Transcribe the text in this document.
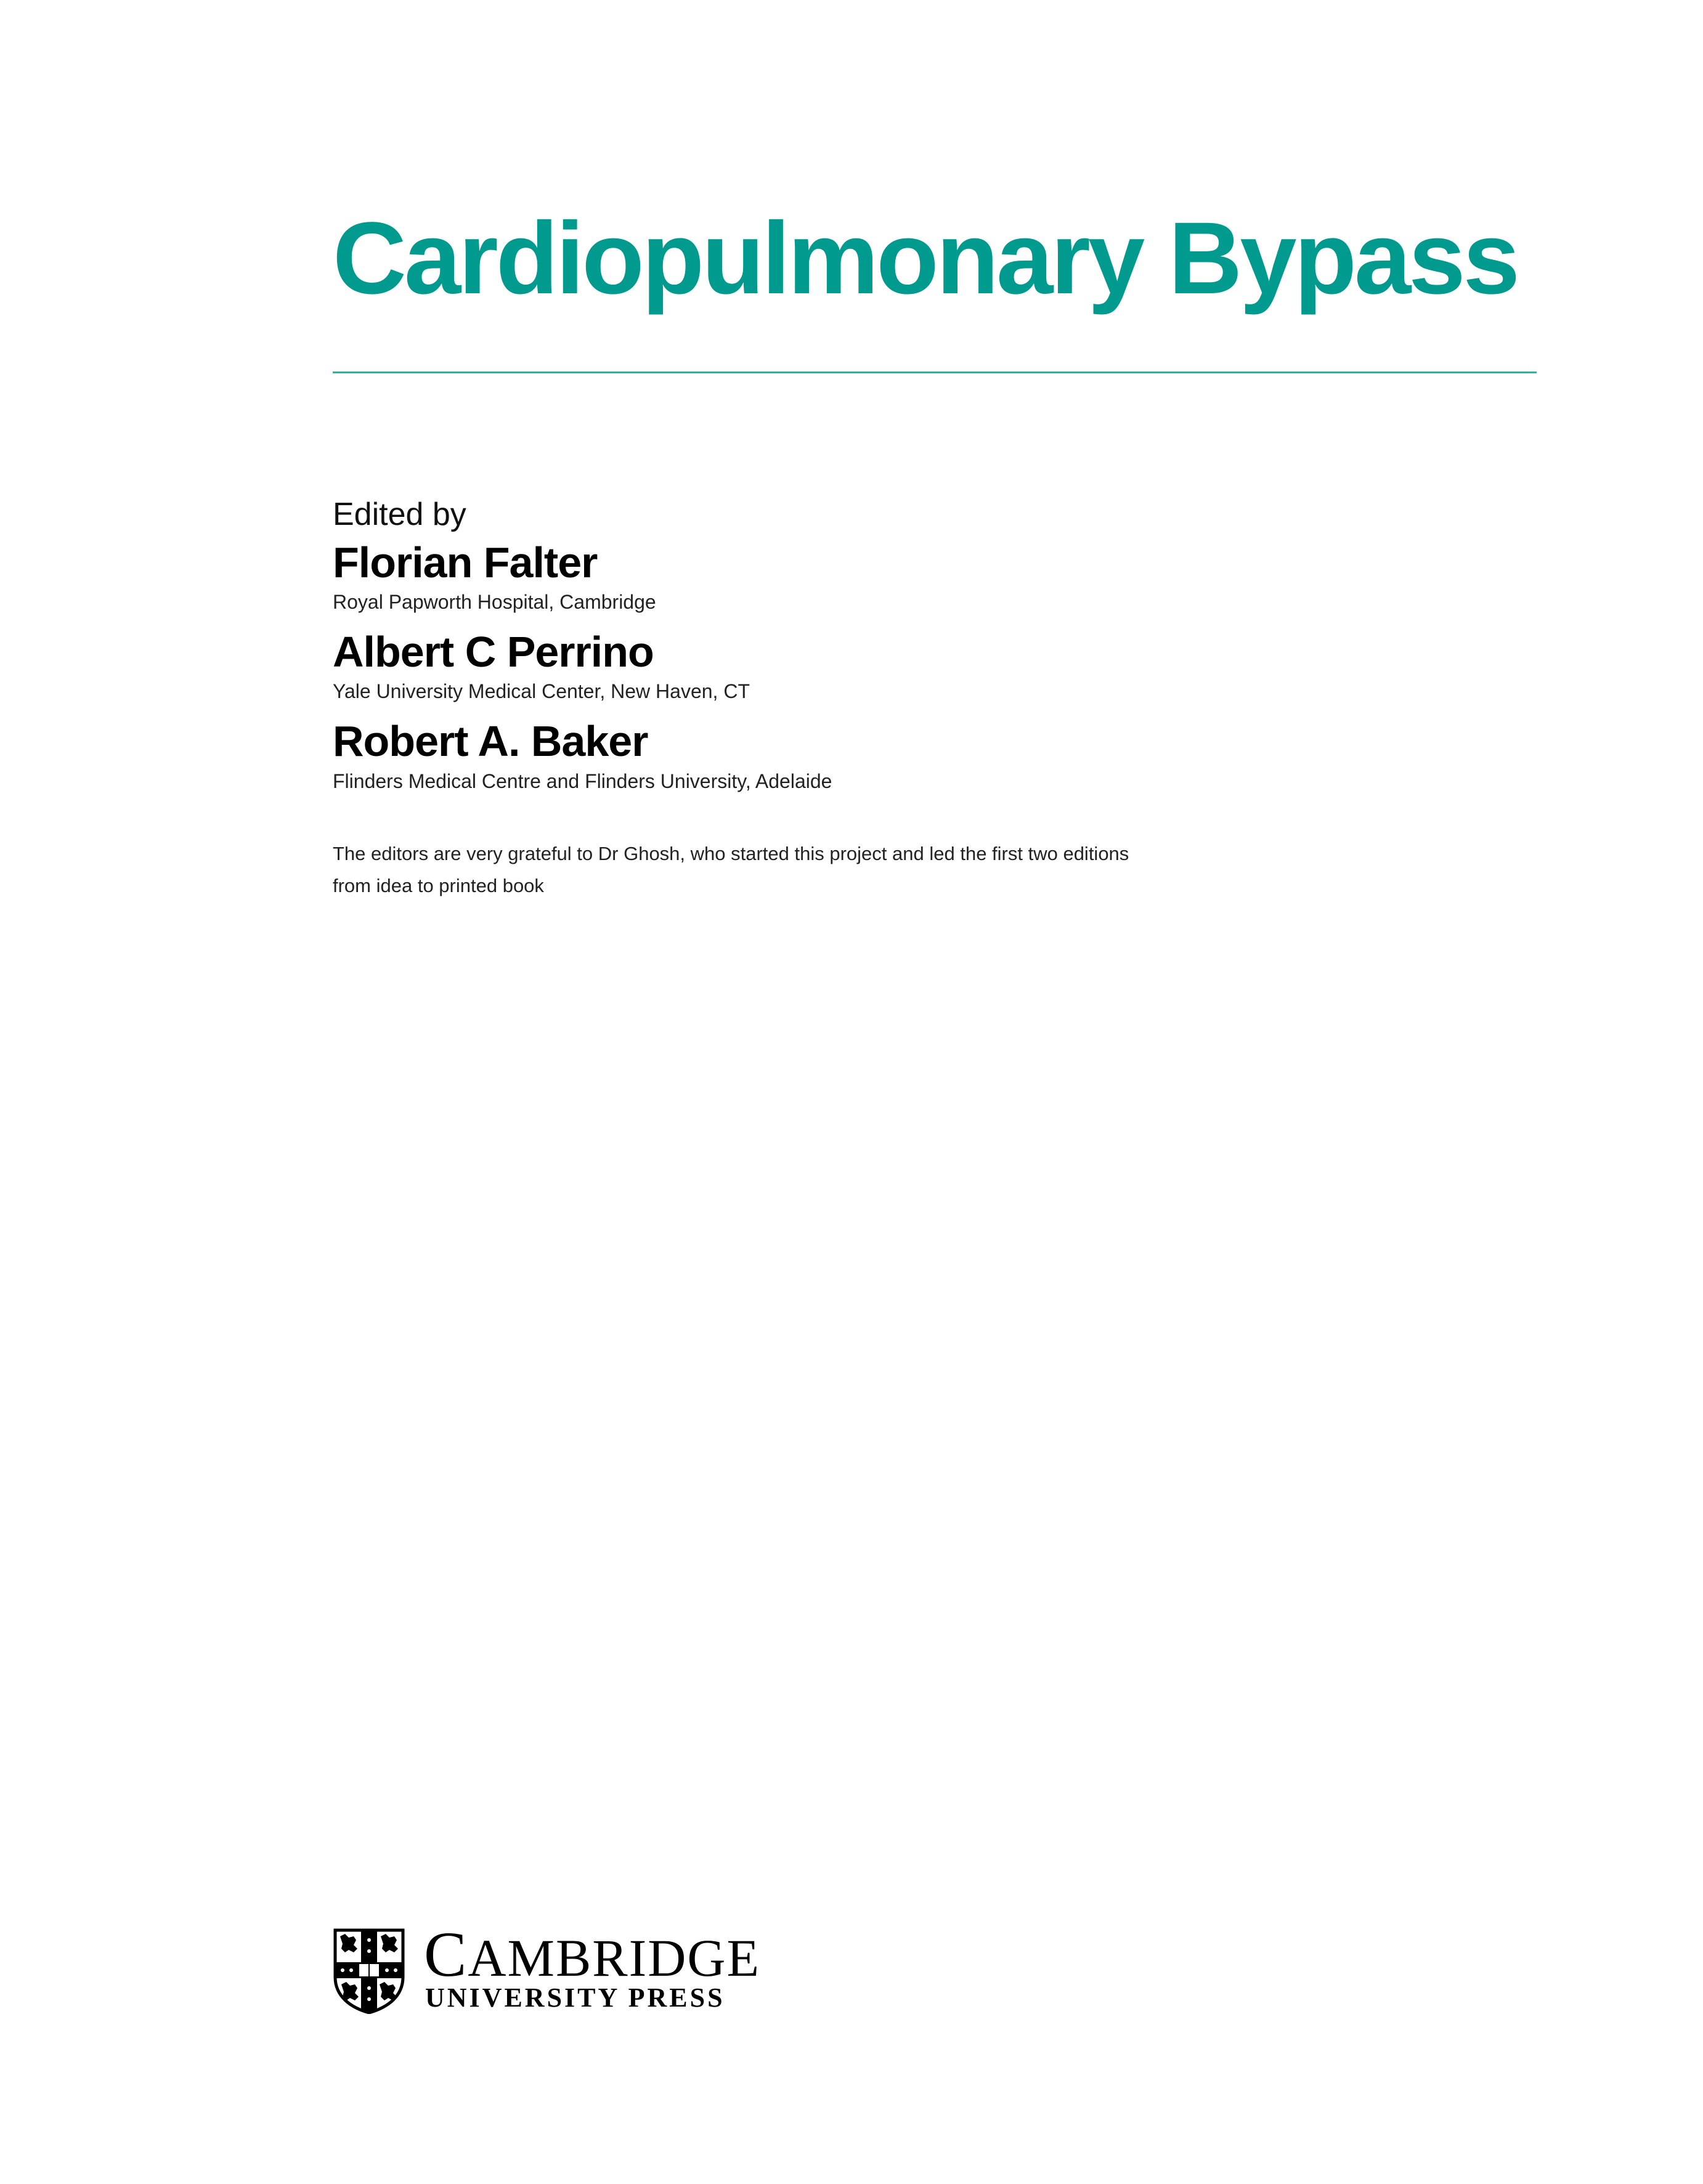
Cardiopulmonary Bypass
Edited by
Florian Falter
Royal Papworth Hospital, Cambridge
Albert C Perrino
Yale University Medical Center, New Haven, CT
Robert A. Baker
Flinders Medical Centre and Flinders University, Adelaide
The editors are very grateful to Dr Ghosh, who started this project and led the first two editions
from idea to printed book
CAMBRIDGE
UNIVERSITY PRESS
